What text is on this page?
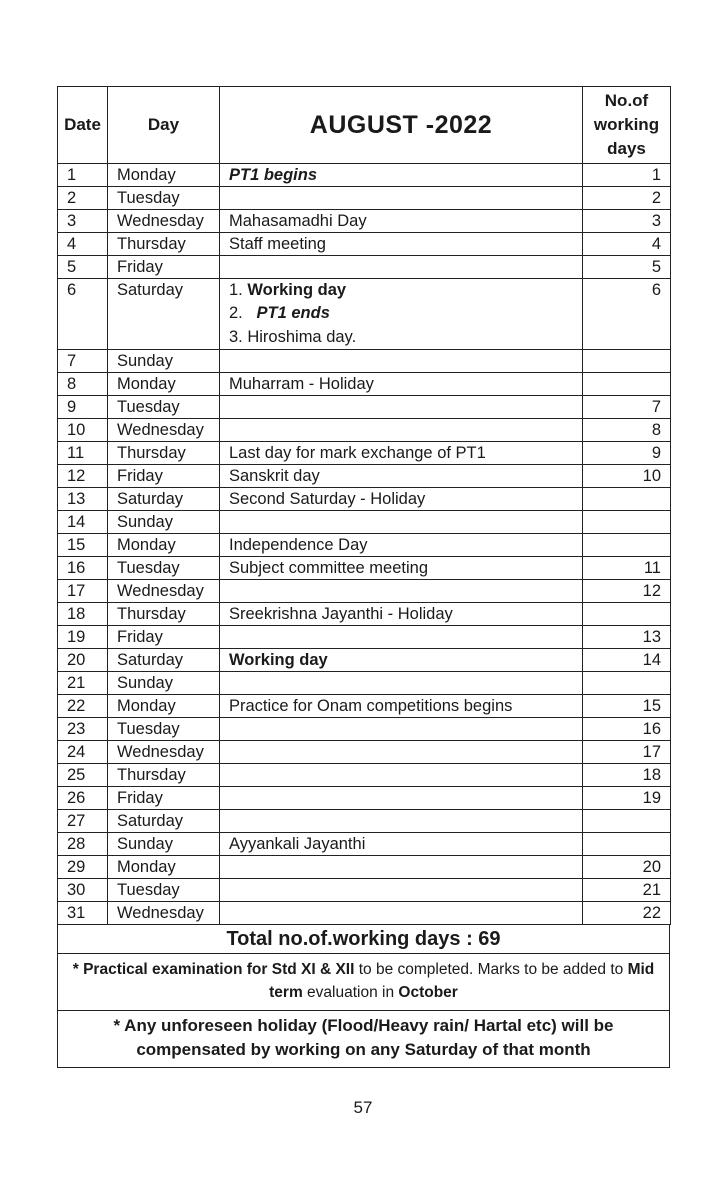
Date	Day	AUGUST -2022	No.of
working
days

1	Monday	PT1 begins	1
2	Tuesday		2
3	Wednesday	Mahasamadhi Day	3
4	Thursday	Staff meeting	4
5	Friday		5
6	Saturday	1. Working day
2.   PT1 ends
3. Hiroshima day.	6
7	Sunday		
8	Monday	Muharram - Holiday	

9	Tuesday		7
10	Wednesday		8
11	Thursday	Last day for mark exchange of PT1	9
12	Friday	Sanskrit day	10
13	Saturday	Second Saturday - Holiday	

14	Sunday		
15	Monday	Independence Day	

16	Tuesday	Subject committee meeting	11
17	Wednesday		12
18	Thursday	Sreekrishna Jayanthi - Holiday	

19	Friday		13
20	Saturday	Working day	14
21	Sunday		
22	Monday	Practice for Onam competitions begins	15
23	Tuesday		16
24	Wednesday		17
25	Thursday		18
26	Friday		19
27	Saturday		
28	Sunday	Ayyankali Jayanthi	

29	Monday		20
30	Tuesday		21
31	Wednesday		22
Total no.of.working days : 69
* Practical examination for Std XI & XII to be completed. Marks to be added to Mid term evaluation in October
* Any unforeseen holiday (Flood/Heavy rain/ Hartal etc) will be compensated by working on any Saturday of that month
57
